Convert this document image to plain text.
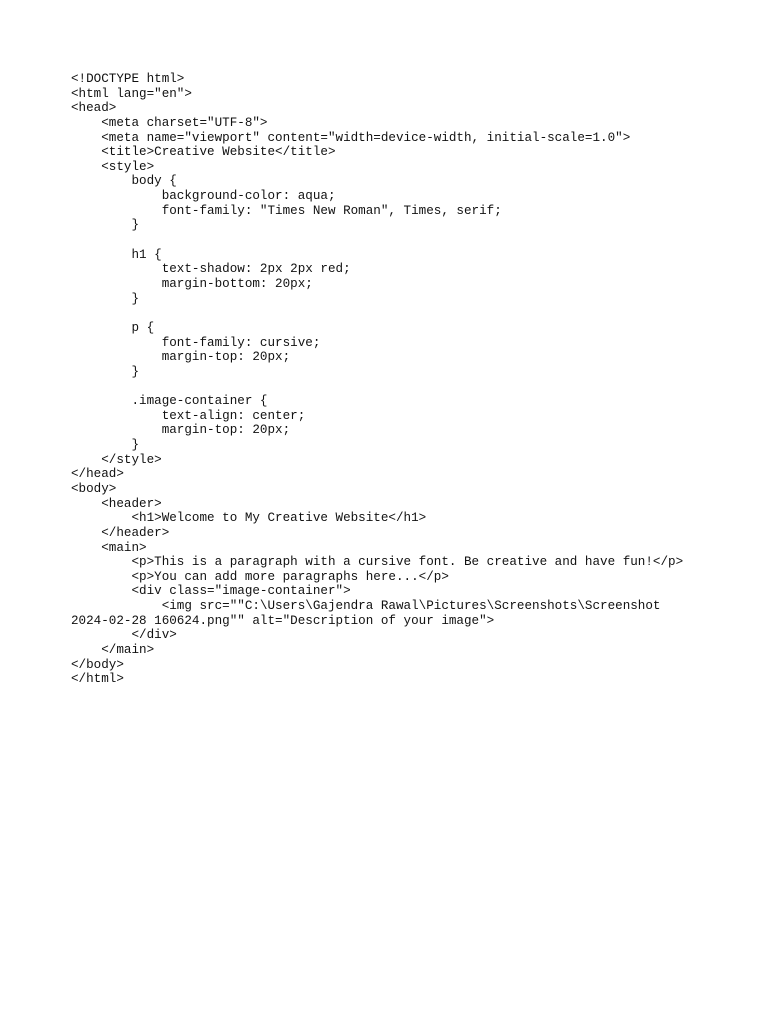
<!DOCTYPE html>
<html lang="en">
<head>
<meta charset="UTF-8">
<meta name="viewport" content="width=device-width, initial-scale=1.0">
<title>Creative Website</title>
<style>
body {
background-color: aqua;
font-family: "Times New Roman", Times, serif;
}
h1 {
text-shadow: 2px 2px red;
margin-bottom: 20px;
}
p {
font-family: cursive;
margin-top: 20px;
}
.image-container {
text-align: center;
margin-top: 20px;
}
</style>
</head>
<body>
<header>
<h1>Welcome to My Creative Website</h1>
</header>
<main>
<p>This is a paragraph with a cursive font. Be creative and have fun!</p>
<p>You can add more paragraphs here...</p>
<div class="image-container">
<img src=""C:\Users\Gajendra Rawal\Pictures\Screenshots\Screenshot
2024-02-28 160624.png"" alt="Description of your image">
</div>
</main>
</body>
</html>
